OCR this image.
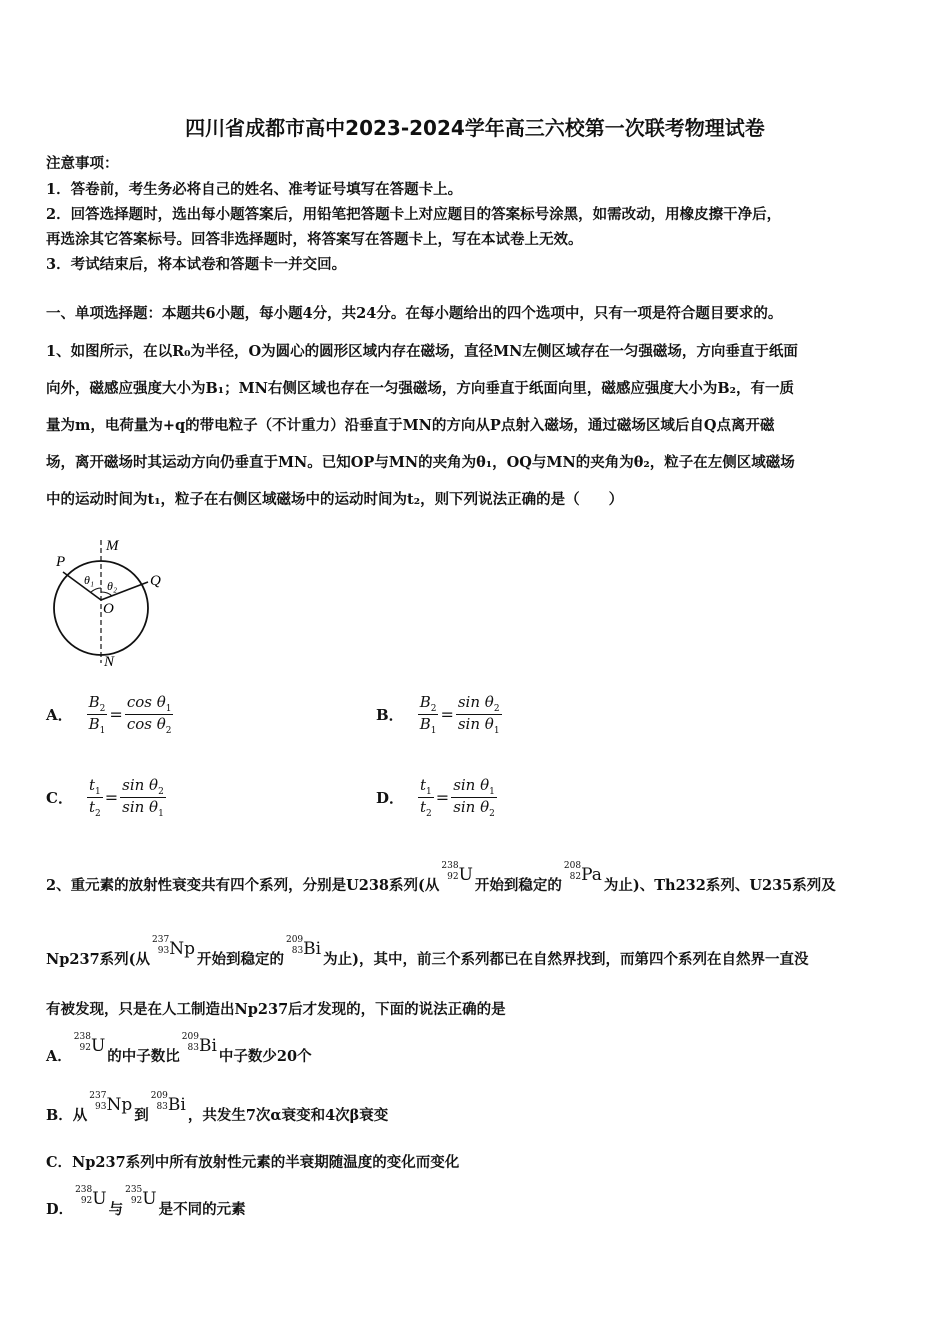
四川省成都市高中2023-2024学年高三六校第一次联考物理试卷
注意事项：
1．答卷前，考生务必将自己的姓名、准考证号填写在答题卡上。
2．回答选择题时，选出每小题答案后，用铅笔把答题卡上对应题目的答案标号涂黑，如需改动，用橡皮擦干净后，
再选涂其它答案标号。回答非选择题时，将答案写在答题卡上，写在本试卷上无效。
3．考试结束后，将本试卷和答题卡一并交回。
一、单项选择题：本题共6小题，每小题4分，共24分。在每小题给出的四个选项中，只有一项是符合题目要求的。
1、如图所示，在以R₀为半径，O为圆心的圆形区域内存在磁场，直径MN左侧区域存在一匀强磁场，方向垂直于纸面
向外，磁感应强度大小为B₁；MN右侧区域也存在一匀强磁场，方向垂直于纸面向里，磁感应强度大小为B₂，有一质
量为m，电荷量为+q的带电粒子（不计重力）沿垂直于MN的方向从P点射入磁场，通过磁场区域后自Q点离开磁
场，离开磁场时其运动方向仍垂直于MN。已知OP与MN的夹角为θ₁，OQ与MN的夹角为θ₂，粒子在左侧区域磁场
中的运动时间为t₁，粒子在右侧区域磁场中的运动时间为t₂，则下列说法正确的是（　　）
M
P
Q
O
N
θ₁ θ₂
A． $\frac{B_2}{B_1} = \frac{\cos \theta_1}{\cos \theta_2}$	B． $\frac{B_2}{B_1} = \frac{\sin \theta_2}{\sin \theta_1}$
C． $\frac{t_1}{t_2} = \frac{\sin \theta_2}{\sin \theta_1}$	D． $\frac{t_1}{t_2} = \frac{\sin \theta_1}{\sin \theta_2}$
2、重元素的放射性衰变共有四个系列，分别是U238系列(从
238
92 U开始到稳定的
208
82 Pa为止)、Th232系列、U235系列及
Np237系列(从
237
93 Np开始到稳定的
209
83 Bi为止)，其中，前三个系列都已在自然界找到，而第四个系列在自然界一直没
有被发现，只是在人工制造出Np237后才发现的，下面的说法正确的是
A．
238
92 U的中子数比
209
83 Bi中子数少20个
B．从
237
93 Np到
209
83 Bi，共发生7次α衰变和4次β衰变
C．Np237系列中所有放射性元素的半衰期随温度的变化而变化
D．
238
92 U与
235
92 U是不同的元素
